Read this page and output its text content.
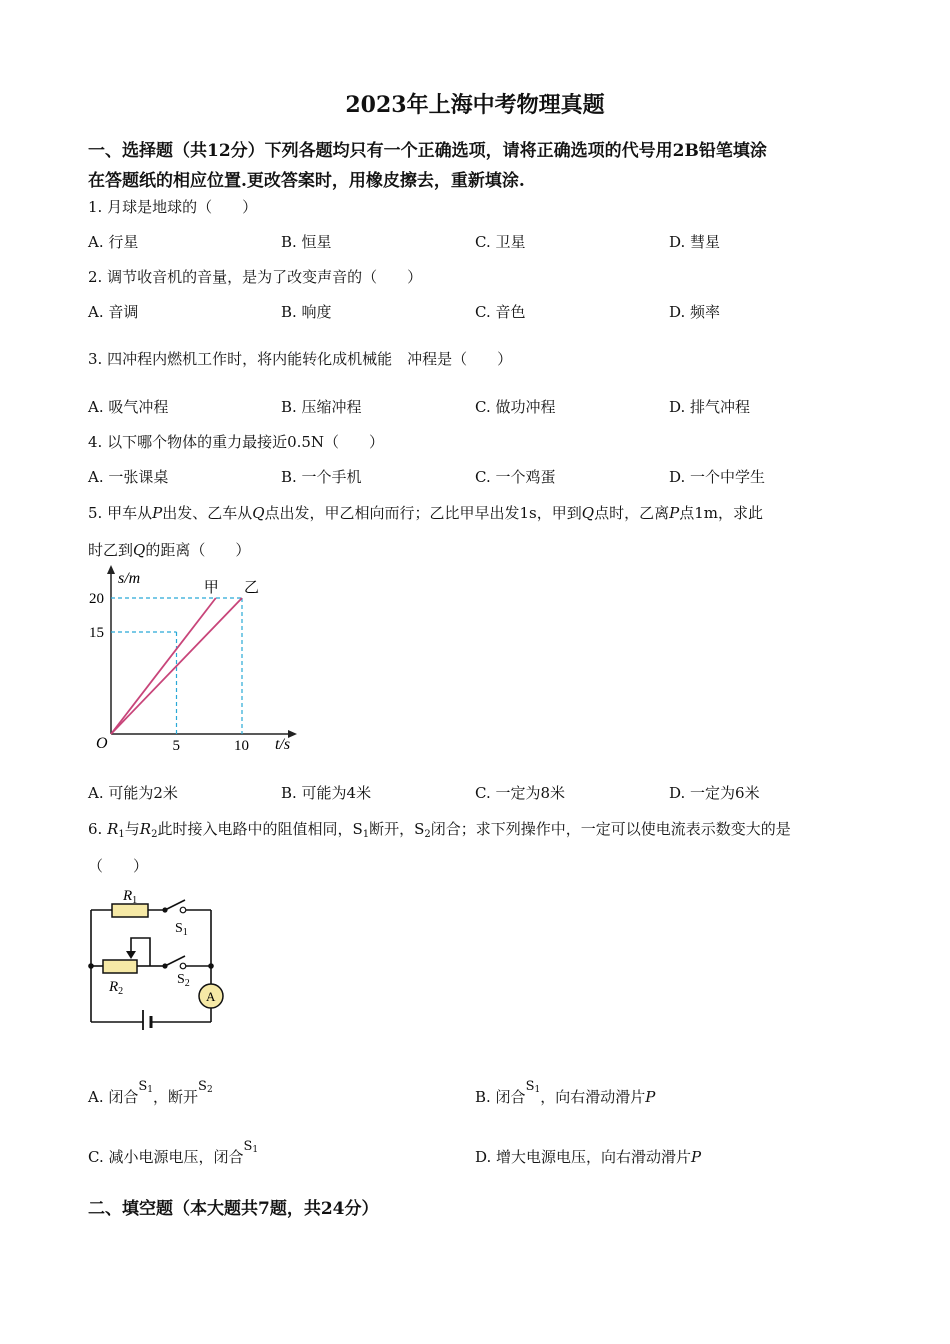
2023年上海中考物理真题
一、选择题（共12分）下列各题均只有一个正确选项，请将正确选项的代号用2B铅笔填涂
在答题纸的相应位置.更改答案时，用橡皮擦去，重新填涂.
1. 月球是地球的（　　）
A. 行星	B. 恒星	C. 卫星	D. 彗星
2. 调节收音机的音量，是为了改变声音的（　　）
A. 音调	B. 响度	C. 音色	D. 频率
3. 四冲程内燃机工作时，将内能转化成机械能　冲程是（　　）
A. 吸气冲程	B. 压缩冲程	C. 做功冲程	D. 排气冲程
4. 以下哪个物体的重力最接近0.5N（　　）
A. 一张课桌	B. 一个手机	C. 一个鸡蛋	D. 一个中学生
5. 甲车从P出发、乙车从Q点出发，甲乙相向而行；乙比甲早出发1s，甲到Q点时，乙离P点1m，求此
时乙到Q的距离（　　）
5	10
15
20
甲 乙
s/m
t/s
O
A. 可能为2米	B. 可能为4米	C. 一定为8米	D. 一定为6米
6. $R_1$与$R_2$此时接入电路中的阻值相同，$S_1$断开，$S_2$闭合；求下列操作中，一定可以使电流表示数变大的是
（　　）
A
$R_1$
$S_1$
$S_2$
$R_2$
A. 闭合$S_1$，断开$S_2$	B. 闭合$S_1$，向右滑动滑片P
C. 减小电源电压，闭合$S_1$	D. 增大电源电压，向右滑动滑片P
二、填空题（本大题共7题，共24分）
